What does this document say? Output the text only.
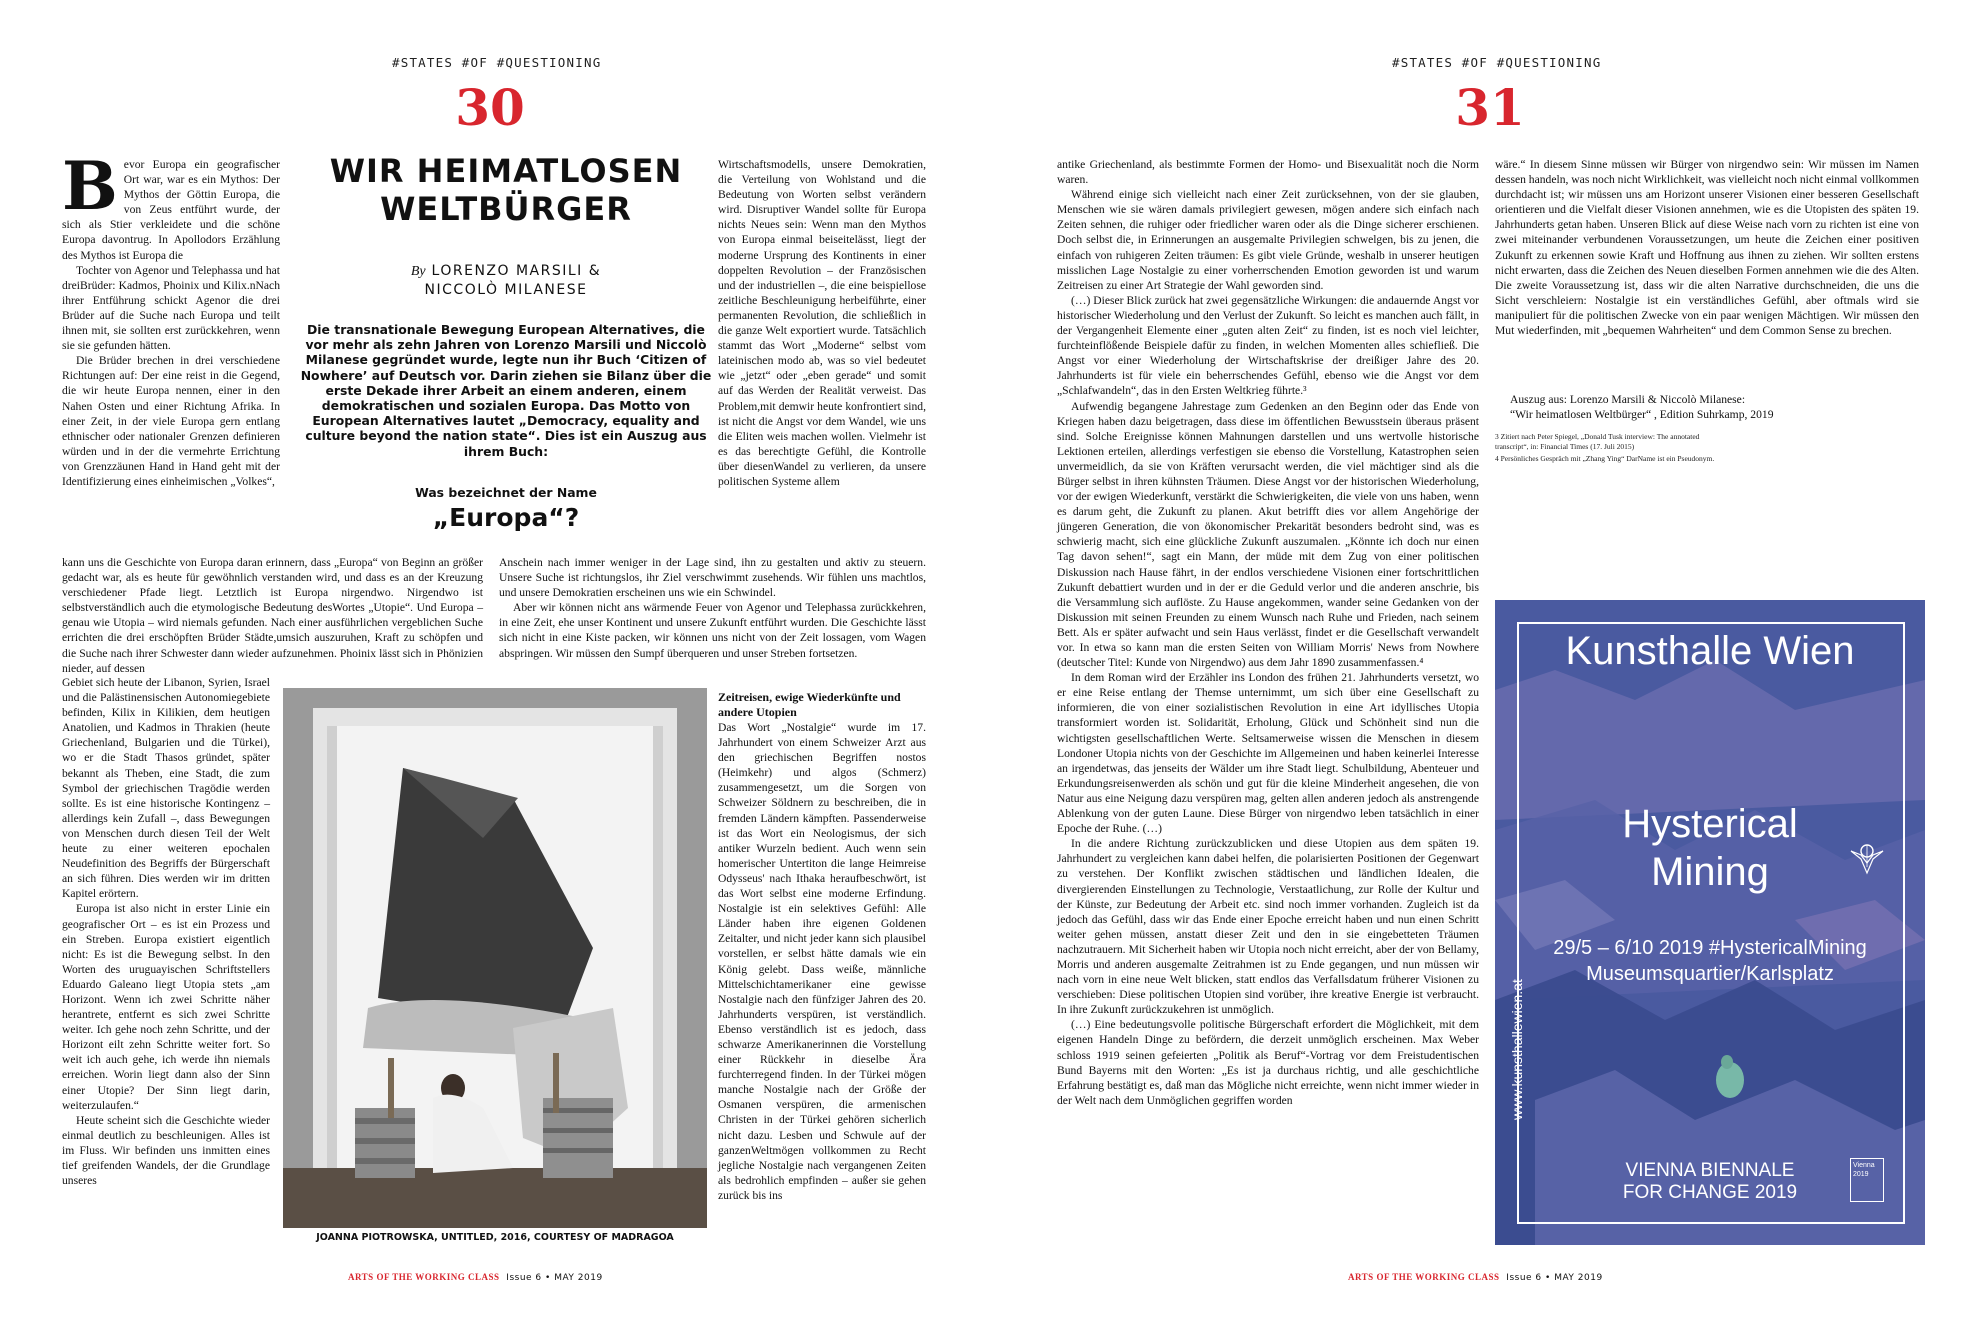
#STATES #OF #QUESTIONING
30
WIR HEIMATLOSEN
WELTBÜRGER
By LORENZO MARSILI &
NICCOLÒ MILANESE
Die transnationale Bewegung European Alternatives, die vor mehr als zehn Jahren von Lorenzo Marsili und Niccolò Milanese gegründet wurde, legte nun ihr Buch ‘Citizen of Nowhere’ auf Deutsch vor. Darin ziehen sie Bilanz über die erste Dekade ihrer Arbeit an einem anderen, einem demokratischen und sozialen Europa. Das Motto von European Alternatives lautet „Democracy, equality and culture beyond the nation state“. Dies ist ein Auszug aus ihrem Buch:
Was bezeichnet der Name
„Europa“?

Bevor Europa ein geografischer Ort war, war es ein Mythos: Der Mythos der Göttin Europa, die von Zeus entführt wurde, der sich als Stier verkleidete und die schöne Europa davontrug. In Apollodors Erzählung des Mythos ist Europa die

Tochter von Agenor und Telephassa und hat dreiBrüder: Kadmos, Phoinix und Kilix.nNach ihrer Entführung schickt Agenor die drei Brüder auf die Suche nach Europa und teilt ihnen mit, sie sollten erst zurückkehren, wenn sie sie gefunden hätten.

Die Brüder brechen in drei verschiedene Richtungen auf: Der eine reist in die Gegend, die wir heute Europa nennen, einer in den Nahen Osten und einer Richtung Afrika. In einer Zeit, in der viele Europa gern entlang ethnischer oder nationaler Grenzen definieren würden und in der die vermehrte Errichtung von Grenzzäunen Hand in Hand geht mit der Identifizierung eines einheimischen „Volkes“,

kann uns die Geschichte von Europa daran erinnern, dass „Europa“ von Beginn an größer gedacht war, als es heute für gewöhnlich verstanden wird, und dass es an der Kreuzung verschiedener Pfade liegt. Letztlich ist Europa nirgendwo. Nirgendwo ist selbstverständlich auch die etymologische Bedeutung desWortes „Utopie“. Und Europa – genau wie Utopia – wird niemals gefunden. Nach einer ausführlichen vergeblichen Suche errichten die drei erschöpften Brüder Städte,umsich auszuruhen, Kraft zu schöpfen und die Suche nach ihrer Schwester dann wieder aufzunehmen. Phoinix lässt sich in Phönizien nieder, auf dessen

Gebiet sich heute der Libanon, Syrien, Israel und die Palästinensischen Autonomiegebiete befinden, Kilix in Kilikien, dem heutigen Anatolien, und Kadmos in Thrakien (heute Griechenland, Bulgarien und die Türkei), wo er die Stadt Thasos gründet, später bekannt als Theben, eine Stadt, die zum Symbol der griechischen Tragödie werden sollte. Es ist eine historische Kontingenz – allerdings kein Zufall –, dass Bewegungen von Menschen durch diesen Teil der Welt heute zu einer weiteren epochalen Neudefinition des Begriffs der Bürgerschaft an sich führen. Dies werden wir im dritten Kapitel erörtern.

Europa ist also nicht in erster Linie ein geografischer Ort – es ist ein Prozess und ein Streben. Europa existiert eigentlich nicht: Es ist die Bewegung selbst. In den Worten des uruguayischen Schriftstellers Eduardo Galeano liegt Utopia stets „am Horizont. Wenn ich zwei Schritte näher herantrete, entfernt es sich zwei Schritte weiter. Ich gehe noch zehn Schritte, und der Horizont eilt zehn Schritte weiter fort. So weit ich auch gehe, ich werde ihn niemals erreichen. Worin liegt dann also der Sinn einer Utopie? Der Sinn liegt darin, weiterzulaufen.“

Heute scheint sich die Geschichte wieder einmal deutlich zu beschleunigen. Alles ist im Fluss. Wir befinden uns inmitten eines tief greifenden Wandels, der die Grundlage unseres

Wirtschaftsmodells, unsere Demokratien, die Verteilung von Wohlstand und die Bedeutung von Worten selbst verändern wird. Disruptiver Wandel sollte für Europa nichts Neues sein: Wenn man den Mythos von Europa einmal beiseitelässt, liegt der moderne Ursprung des Kontinents in einer doppelten Revolution – der Französischen und der industriellen –, die eine beispiellose zeitliche Beschleunigung herbeiführte, einer permanenten Revolution, die schließlich in die ganze Welt exportiert wurde. Tatsächlich stammt das Wort „Moderne“ selbst vom lateinischen modo ab, was so viel bedeutet wie „jetzt“ oder „eben gerade“ und somit auf das Werden der Realität verweist. Das Problem,mit demwir heute konfrontiert sind, ist nicht die Angst vor dem Wandel, wie uns die Eliten weis machen wollen. Vielmehr ist es das berechtigte Gefühl, die Kontrolle über diesenWandel zu verlieren, da unsere politischen Systeme allem

Anschein nach immer weniger in der Lage sind, ihn zu gestalten und aktiv zu steuern. Unsere Suche ist richtungslos, ihr Ziel verschwimmt zusehends. Wir fühlen uns machtlos, und unsere Demokratien erscheinen uns wie ein Schwindel.

Aber wir können nicht ans wärmende Feuer von Agenor und Telephassa zurückkehren, in eine Zeit, ehe unser Kontinent und unsere Zukunft entführt wurden. Die Geschichte lässt sich nicht in eine Kiste packen, wir können uns nicht von der Zeit lossagen, vom Wagen abspringen. Wir müssen den Sumpf überqueren und unser Streben fortsetzen.

Zeitreisen, ewige Wiederkünfte und andere Utopien

Das Wort „Nostalgie“ wurde im 17. Jahrhundert von einem Schweizer Arzt aus den griechischen Begriffen nostos (Heimkehr) und algos (Schmerz) zusammengesetzt, um die Sorgen von Schweizer Söldnern zu beschreiben, die in fremden Ländern kämpften. Passenderweise ist das Wort ein Neologismus, der sich antiker Wurzeln bedient. Auch wenn sein homerischer Untertiton die lange Heimreise Odysseus' nach Ithaka heraufbeschwört, ist das Wort selbst eine moderne Erfindung. Nostalgie ist ein selektives Gefühl: Alle Länder haben ihre eigenen Goldenen Zeitalter, und nicht jeder kann sich plausibel vorstellen, er selbst hätte damals wie ein König gelebt. Dass weiße, männliche Mittelschichtamerikaner eine gewisse Nostalgie nach den fünfziger Jahren des 20. Jahrhunderts verspüren, ist verständlich. Ebenso verständlich ist es jedoch, dass schwarze Amerikanerinnen die Vorstellung einer Rückkehr in dieselbe Ära furchterregend finden. In der Türkei mögen manche Nostalgie nach der Größe der Osmanen verspüren, die armenischen Christen in der Türkei gehören sicherlich nicht dazu. Lesben und Schwule auf der ganzenWeltmögen vollkommen zu Recht jegliche Nostalgie nach vergangenen Zeiten als bedrohlich empfinden – außer sie gehen zurück bis ins

JOANNA PIOTROWSKA, UNTITLED, 2016, COURTESY OF MADRAGOA
ARTS OF THE WORKING CLASS Issue 6 • MAY 2019
#STATES #OF #QUESTIONING
31

antike Griechenland, als bestimmte Formen der Homo- und Bisexualität noch die Norm waren.

Während einige sich vielleicht nach einer Zeit zurücksehnen, von der sie glauben, Menschen wie sie wären damals privilegiert gewesen, mögen andere sich einfach nach Zeiten sehnen, die ruhiger oder friedlicher waren oder als die Dinge sicherer erschienen. Doch selbst die, in Erinnerungen an ausgemalte Privilegien schwelgen, bis zu jenen, die einfach von ruhigeren Zeiten träumen: Es gibt viele Gründe, weshalb in unserer heutigen misslichen Lage Nostalgie zu einer vorherrschenden Emotion geworden ist und warum Zeitreisen zu einer Art Strategie der Wahl geworden sind.

(…) Dieser Blick zurück hat zwei gegensätzliche Wirkungen: die andauernde Angst vor historischer Wiederholung und den Verlust der Zukunft. So leicht es manchen auch fällt, in der Vergangenheit Elemente einer „guten alten Zeit“ zu finden, ist es noch viel leichter, furchteinflößende Beispiele dafür zu finden, in welchen Momenten alles schiefließ. Die Angst vor einer Wiederholung der Wirtschaftskrise der dreißiger Jahre des 20. Jahrhunderts ist für viele ein beherrschendes Gefühl, ebenso wie die Angst vor dem „Schlafwandeln“, das in den Ersten Weltkrieg führte.³

Aufwendig begangene Jahrestage zum Gedenken an den Beginn oder das Ende von Kriegen haben dazu beigetragen, dass diese im öffentlichen Bewusstsein überaus präsent sind. Solche Ereignisse können Mahnungen darstellen und uns wertvolle historische Lektionen erteilen, allerdings verfestigen sie ebenso die Vorstellung, Katastrophen seien unvermeidlich, da sie von Kräften verursacht werden, die viel mächtiger sind als die Bürger selbst in ihren kühnsten Träumen. Diese Angst vor der historischen Wiederholung, vor der ewigen Wiederkunft, verstärkt die Schwierigkeiten, die viele von uns haben, wenn es darum geht, die Zukunft zu planen. Akut betrifft dies vor allem Angehörige der jüngeren Generation, die von ökonomischer Prekarität besonders bedroht sind, was es schwierig macht, sich eine glückliche Zukunft auszumalen. „Könnte ich doch nur einen Tag davon sehen!“, sagt ein Mann, der müde mit dem Zug von einer politischen Diskussion nach Hause fährt, in der endlos verschiedene Visionen einer fortschrittlichen Zukunft debattiert wurden und in der er die Geduld verlor und die anderen anschrie, bis die Versammlung sich auflöste. Zu Hause angekommen, wander seine Gedanken von der Diskussion mit seinen Freunden zu einem Wunsch nach Ruhe und Frieden, nach seinem Bett. Als er später aufwacht und sein Haus verlässt, findet er die Gesellschaft verwandelt vor. In etwa so kann man die ersten Seiten von William Morris' News from Nowhere (deutscher Titel: Kunde von Nirgendwo) aus dem Jahr 1890 zusammenfassen.⁴

In dem Roman wird der Erzähler ins London des frühen 21. Jahrhunderts versetzt, wo er eine Reise entlang der Themse unternimmt, um sich über eine Gesellschaft zu informieren, die von einer sozialistischen Revolution in eine Art idyllisches Utopia transformiert worden ist. Solidarität, Erholung, Glück und Schönheit sind nun die wichtigsten gesellschaftlichen Werte. Seltsamerweise wissen die Menschen in diesem Londoner Utopia nichts von der Geschichte im Allgemeinen und haben keinerlei Interesse an irgendetwas, das jenseits der Wälder um ihre Stadt liegt. Schulbildung, Abenteuer und Erkundungsreisenwerden als schön und gut für die kleine Minderheit angesehen, die von Natur aus eine Neigung dazu verspüren mag, gelten allen anderen jedoch als anstrengende Ablenkung von der guten Laune. Diese Bürger von nirgendwo leben tatsächlich in einer Epoche der Ruhe. (…)

In die andere Richtung zurückzublicken und diese Utopien aus dem späten 19. Jahrhundert zu vergleichen kann dabei helfen, die polarisierten Positionen der Gegenwart zu verstehen. Der Konflikt zwischen städtischen und ländlichen Idealen, die divergierenden Einstellungen zu Technologie, Verstaatlichung, zur Rolle der Kultur und der Künste, zur Bedeutung der Arbeit etc. sind noch immer vorhanden. Zugleich ist da jedoch das Gefühl, dass wir das Ende einer Epoche erreicht haben und nun einen Schritt weiter gehen müssen, anstatt dieser Zeit und den in sie eingebetteten Träumen nachzutrauern. Mit Sicherheit haben wir Utopia noch nicht erreicht, aber der von Bellamy, Morris und anderen ausgemalte Zeitrahmen ist zu Ende gegangen, und nun müssen wir nach vorn in eine neue Welt blicken, statt endlos das Verfallsdatum früherer Visionen zu verschieben: Diese politischen Utopien sind vorüber, ihre kreative Energie ist verbraucht. In ihre Zukunft zurückzukehren ist unmöglich.

(…) Eine bedeutungsvolle politische Bürgerschaft erfordert die Möglichkeit, mit dem eigenen Handeln Dinge zu befördern, die derzeit unmöglich erscheinen. Max Weber schloss 1919 seinen gefeierten „Politik als Beruf“-Vortrag vor dem Freistudentischen Bund Bayerns mit den Worten: „Es ist ja durchaus richtig, und alle geschichtliche Erfahrung bestätigt es, daß man das Mögliche nicht erreichte, wenn nicht immer wieder in der Welt nach dem Unmöglichen gegriffen worden

wäre.“ In diesem Sinne müssen wir Bürger von nirgendwo sein: Wir müssen im Namen dessen handeln, was noch nicht Wirklichkeit, was vielleicht noch nicht einmal vollkommen durchdacht ist; wir müssen uns am Horizont unserer Visionen einer besseren Gesellschaft orientieren und die Vielfalt dieser Visionen annehmen, wie es die Utopisten des späten 19. Jahrhunderts getan haben. Unseren Blick auf diese Weise nach vorn zu richten ist eine von zwei miteinander verbundenen Voraussetzungen, um heute die Zeichen einer positiven Zukunft zu erkennen sowie Kraft und Hoffnung aus ihnen zu ziehen. Wir sollten erstens nicht erwarten, dass die Zeichen des Neuen dieselben Formen annehmen wie die des Alten. Die zweite Voraussetzung ist, dass wir die alten Narrative durchschneiden, die uns die Sicht verschleiern: Nostalgie ist ein verständliches Gefühl, aber oftmals wird sie manipuliert für die politischen Zwecke von ein paar wenigen Mächtigen. Wir müssen den Mut wiederfinden, mit „bequemen Wahrheiten“ und dem Common Sense zu brechen.
Auszug aus: Lorenzo Marsili & Niccolò Milanese:
“Wir heimatlosen Weltbürger“ , Edition Suhrkamp, 2019
3 Zitiert nach Peter Spiegel, „Donald Tusk interview: The annotated transcript“, in: Financial Times (17. Juli 2015)
4 Persönliches Gespräch mit „Zhang Ying“ DarName ist ein Pseudonym.
Kunsthalle Wien
Hysterical
Mining
29/5 – 6/10 2019 #HystericalMining
Museumsquartier/Karlsplatz
www.kunsthallewien.at
VIENNA BIENNALE
FOR CHANGE 2019
Vienna 2019
ARTS OF THE WORKING CLASS Issue 6 • MAY 2019
